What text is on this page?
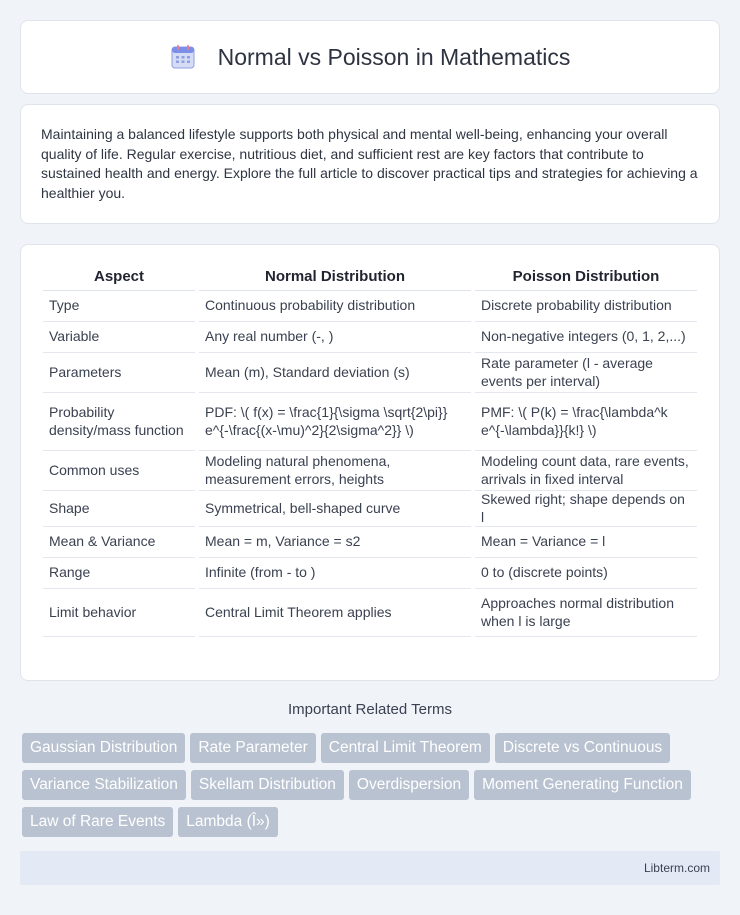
Normal vs Poisson in Mathematics

Maintaining a balanced lifestyle supports both physical and mental well-being, enhancing your overall quality of life. Regular exercise, nutritious diet, and sufficient rest are key factors that contribute to sustained health and energy. Explore the full article to discover practical tips and strategies for achieving a healthier you.

Aspect		Normal Distribution		Poisson Distribution
Type		Continuous probability distribution		Discrete probability distribution
Variable		Any real number (-, )		Non-negative integers (0, 1, 2,...)
Parameters		Mean (m), Standard deviation (s)		Rate parameter (l - average events per interval)
Probability density/mass function		PDF: \( f(x) = \frac{1}{\sigma \sqrt{2\pi}} e^{-\frac{(x-\mu)^2}{2\sigma^2}} \)		PMF: \( P(k) = \frac{\lambda^k e^{-\lambda}}{k!} \)
Common uses		Modeling natural phenomena, measurement errors, heights		Modeling count data, rare events, arrivals in fixed interval
Shape		Symmetrical, bell-shaped curve		Skewed right; shape depends on l
Mean & Variance		Mean = m, Variance = s2		Mean = Variance = l
Range		Infinite (from - to )		0 to (discrete points)
Limit behavior		Central Limit Theorem applies		Approaches normal distribution when l is large
Important Related Terms
Gaussian Distribution Rate Parameter Central Limit Theorem Discrete vs ContinuousVariance Stabilization Skellam Distribution Overdispersion Moment Generating FunctionLaw of Rare Events Lambda (Î»)
Libterm.com
